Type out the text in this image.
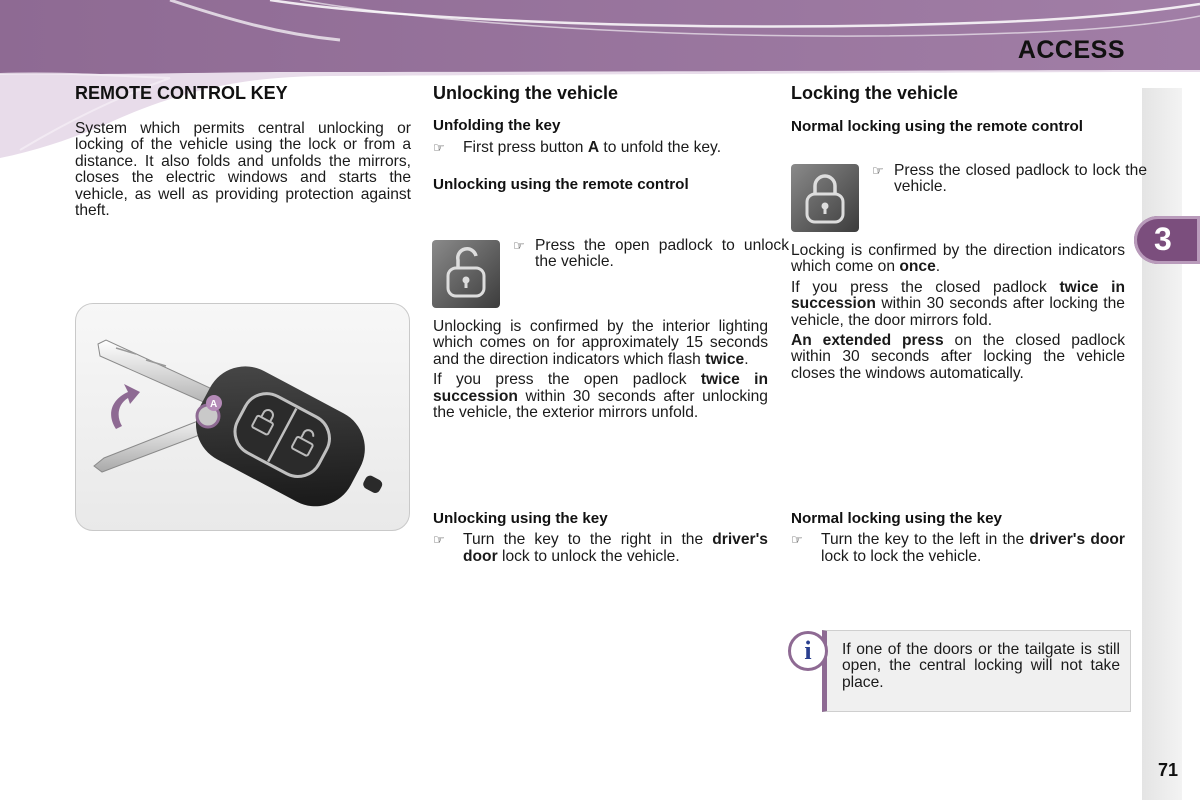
ACCESS
3
71
REMOTE CONTROL KEY

System which permits central unlocking or locking of the vehicle using the lock or from a distance. It also folds and unfolds the mirrors, closes the electric windows and starts the vehicle, as well as providing protection against theft.

A
Unlocking the vehicle
Unfolding the key
☞ First press button A to unfold the key.
Unlocking using the remote control
☞ Press the open padlock to unlock the vehicle.

Unlocking is confirmed by the interior lighting which comes on for approximately 15 seconds and the direction indicators which flash twice.

If you press the open padlock twice in succession within 30 seconds after unlocking the vehicle, the exterior mirrors unfold.

Unlocking using the key
☞ Turn the key to the right in the driver's door lock to unlock the vehicle.
Locking the vehicle
Normal locking using the remote control
☞ Press the closed padlock to lock the vehicle.

Locking is confirmed by the direction indicators which come on once.

If you press the closed padlock twice in succession within 30 seconds after locking the vehicle, the door mirrors fold.

An extended press on the closed padlock within 30 seconds after locking the vehicle closes the windows automatically.

Normal locking using the key
☞ Turn the key to the left in the driver's door lock to lock the vehicle.
If one of the doors or the tailgate is still open, the central locking will not take place.
i
